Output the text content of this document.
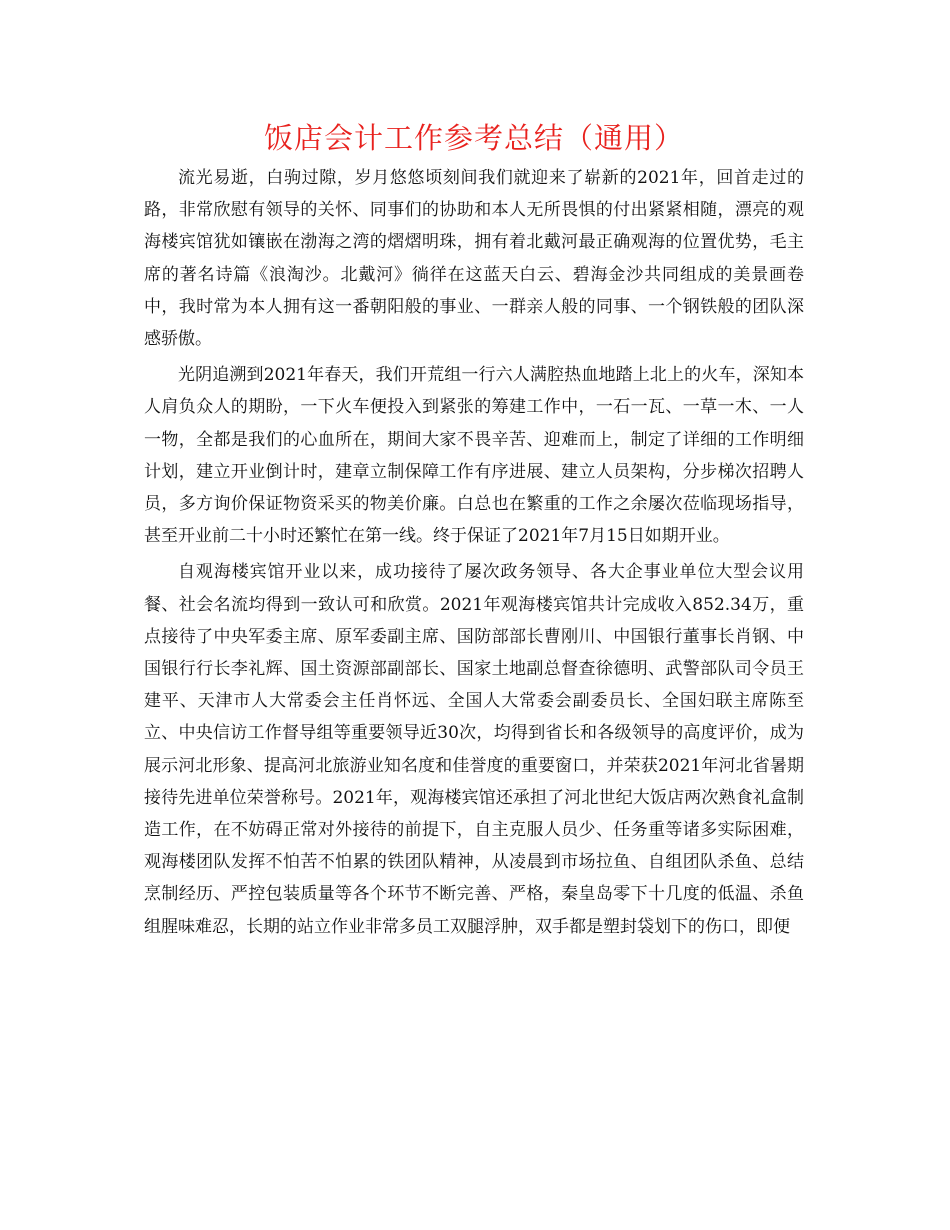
饭店会计工作参考总结（通用）

流光易逝，白驹过隙，岁月悠悠顷刻间我们就迎来了崭新的2021年，回首走过的路，非常欣慰有领导的关怀、同事们的协助和本人无所畏惧的付出紧紧相随，漂亮的观海楼宾馆犹如镶嵌在渤海之湾的熠熠明珠，拥有着北戴河最正确观海的位置优势，毛主席的著名诗篇《浪淘沙。北戴河》徜徉在这蓝天白云、碧海金沙共同组成的美景画卷中，我时常为本人拥有这一番朝阳般的事业、一群亲人般的同事、一个钢铁般的团队深感骄傲。

光阴追溯到2021年春天，我们开荒组一行六人满腔热血地踏上北上的火车，深知本人肩负众人的期盼，一下火车便投入到紧张的筹建工作中，一石一瓦、一草一木、一人一物，全都是我们的心血所在，期间大家不畏辛苦、迎难而上，制定了详细的工作明细计划，建立开业倒计时，建章立制保障工作有序进展、建立人员架构，分步梯次招聘人员，多方询价保证物资采买的物美价廉。白总也在繁重的工作之余屡次莅临现场指导，甚至开业前二十小时还繁忙在第一线。终于保证了2021年7月15日如期开业。

自观海楼宾馆开业以来，成功接待了屡次政务领导、各大企事业单位大型会议用餐、社会名流均得到一致认可和欣赏。2021年观海楼宾馆共计完成收入852.34万，重点接待了中央军委主席、原军委副主席、国防部部长曹刚川、中国银行董事长肖钢、中国银行行长李礼辉、国土资源部副部长、国家土地副总督查徐德明、武警部队司令员王建平、天津市人大常委会主任肖怀远、全国人大常委会副委员长、全国妇联主席陈至立、中央信访工作督导组等重要领导近30次，均得到省长和各级领导的高度评价，成为展示河北形象、提高河北旅游业知名度和佳誉度的重要窗口，并荣获2021年河北省暑期接待先进单位荣誉称号。2021年，观海楼宾馆还承担了河北世纪大饭店两次熟食礼盒制造工作，在不妨碍正常对外接待的前提下，自主克服人员少、任务重等诸多实际困难，观海楼团队发挥不怕苦不怕累的铁团队精神，从凌晨到市场拉鱼、自组团队杀鱼、总结烹制经历、严控包装质量等各个环节不断完善、严格，秦皇岛零下十几度的低温、杀鱼组腥味难忍，长期的站立作业非常多员工双腿浮肿，双手都是塑封袋划下的伤口，即便
